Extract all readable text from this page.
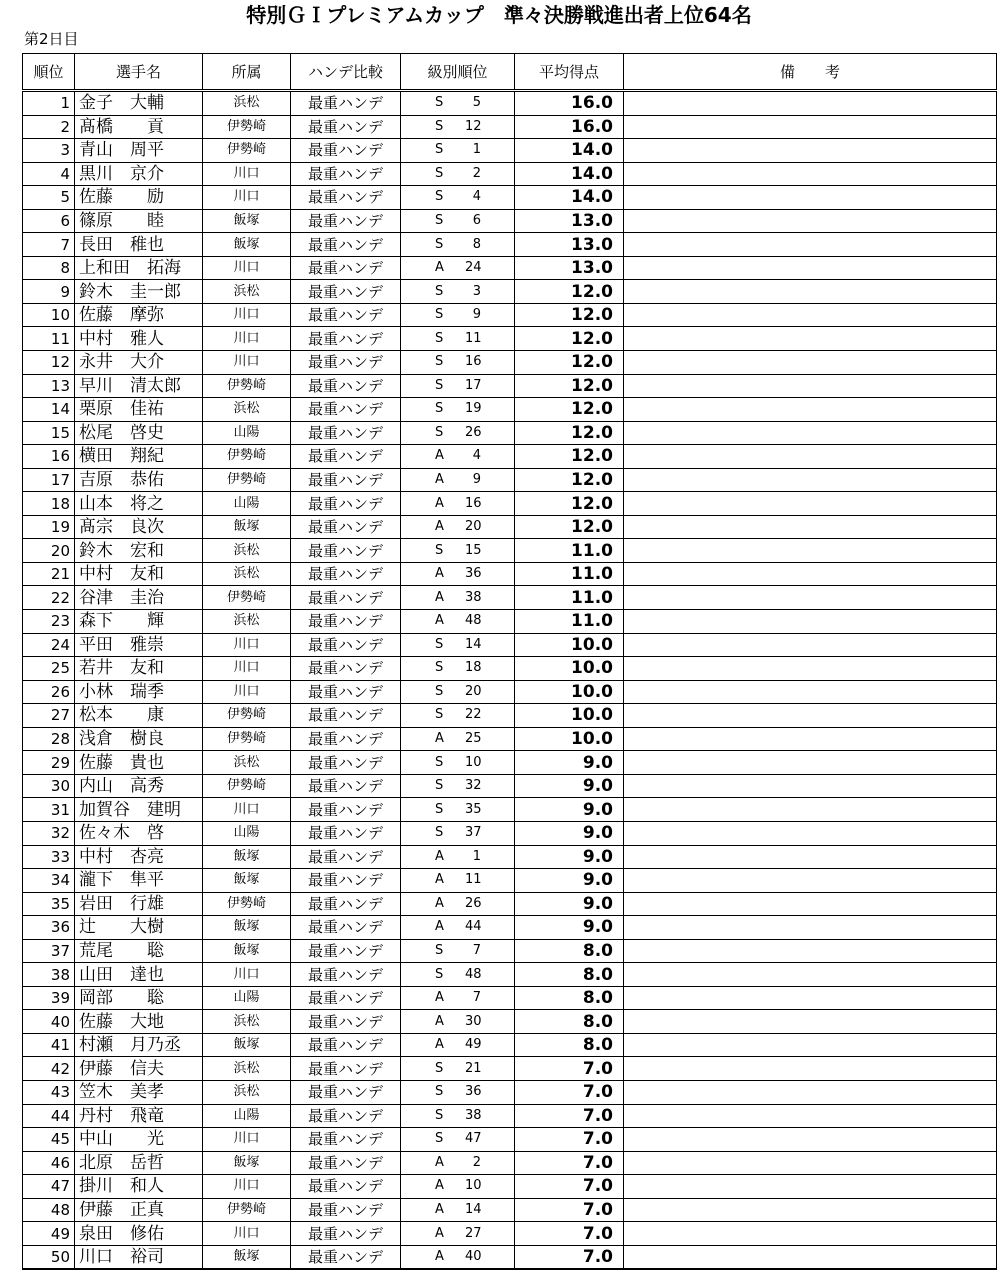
特別ＧＩプレミアムカップ　準々決勝戦進出者上位64名
第2日目
順位	選手名	所属	ハンデ比較	級別順位	平均得点	備　　考
1	金子　大輔	浜松	最重ハンデ	S 5	16.0	
2	髙橋　　貢	伊勢崎	最重ハンデ	S 12	16.0	
3	青山　周平	伊勢崎	最重ハンデ	S 1	14.0	
4	黒川　京介	川口	最重ハンデ	S 2	14.0	
5	佐藤　　励	川口	最重ハンデ	S 4	14.0	
6	篠原　　睦	飯塚	最重ハンデ	S 6	13.0	
7	長田　稚也	飯塚	最重ハンデ	S 8	13.0	
8	上和田　拓海	川口	最重ハンデ	A 24	13.0	
9	鈴木　圭一郎	浜松	最重ハンデ	S 3	12.0	
10	佐藤　摩弥	川口	最重ハンデ	S 9	12.0	
11	中村　雅人	川口	最重ハンデ	S 11	12.0	
12	永井　大介	川口	最重ハンデ	S 16	12.0	
13	早川　清太郎	伊勢崎	最重ハンデ	S 17	12.0	
14	栗原　佳祐	浜松	最重ハンデ	S 19	12.0	
15	松尾　啓史	山陽	最重ハンデ	S 26	12.0	
16	横田　翔紀	伊勢崎	最重ハンデ	A 4	12.0	
17	吉原　恭佑	伊勢崎	最重ハンデ	A 9	12.0	
18	山本　将之	山陽	最重ハンデ	A 16	12.0	
19	髙宗　良次	飯塚	最重ハンデ	A 20	12.0	
20	鈴木　宏和	浜松	最重ハンデ	S 15	11.0	
21	中村　友和	浜松	最重ハンデ	A 36	11.0	
22	谷津　圭治	伊勢崎	最重ハンデ	A 38	11.0	
23	森下　　輝	浜松	最重ハンデ	A 48	11.0	
24	平田　雅崇	川口	最重ハンデ	S 14	10.0	
25	若井　友和	川口	最重ハンデ	S 18	10.0	
26	小林　瑞季	川口	最重ハンデ	S 20	10.0	
27	松本　　康	伊勢崎	最重ハンデ	S 22	10.0	
28	浅倉　樹良	伊勢崎	最重ハンデ	A 25	10.0	
29	佐藤　貴也	浜松	最重ハンデ	S 10	9.0	
30	内山　高秀	伊勢崎	最重ハンデ	S 32	9.0	
31	加賀谷　建明	川口	最重ハンデ	S 35	9.0	
32	佐々木　啓	山陽	最重ハンデ	S 37	9.0	
33	中村　杏亮	飯塚	最重ハンデ	A 1	9.0	
34	瀧下　隼平	飯塚	最重ハンデ	A 11	9.0	
35	岩田　行雄	伊勢崎	最重ハンデ	A 26	9.0	
36	辻　　大樹	飯塚	最重ハンデ	A 44	9.0	
37	荒尾　　聡	飯塚	最重ハンデ	S 7	8.0	
38	山田　達也	川口	最重ハンデ	S 48	8.0	
39	岡部　　聡	山陽	最重ハンデ	A 7	8.0	
40	佐藤　大地	浜松	最重ハンデ	A 30	8.0	
41	村瀬　月乃丞	飯塚	最重ハンデ	A 49	8.0	
42	伊藤　信夫	浜松	最重ハンデ	S 21	7.0	
43	笠木　美孝	浜松	最重ハンデ	S 36	7.0	
44	丹村　飛竜	山陽	最重ハンデ	S 38	7.0	
45	中山　　光	川口	最重ハンデ	S 47	7.0	
46	北原　岳哲	飯塚	最重ハンデ	A 2	7.0	
47	掛川　和人	川口	最重ハンデ	A 10	7.0	
48	伊藤　正真	伊勢崎	最重ハンデ	A 14	7.0	
49	泉田　修佑	川口	最重ハンデ	A 27	7.0	
50	川口　裕司	飯塚	最重ハンデ	A 40	7.0	
